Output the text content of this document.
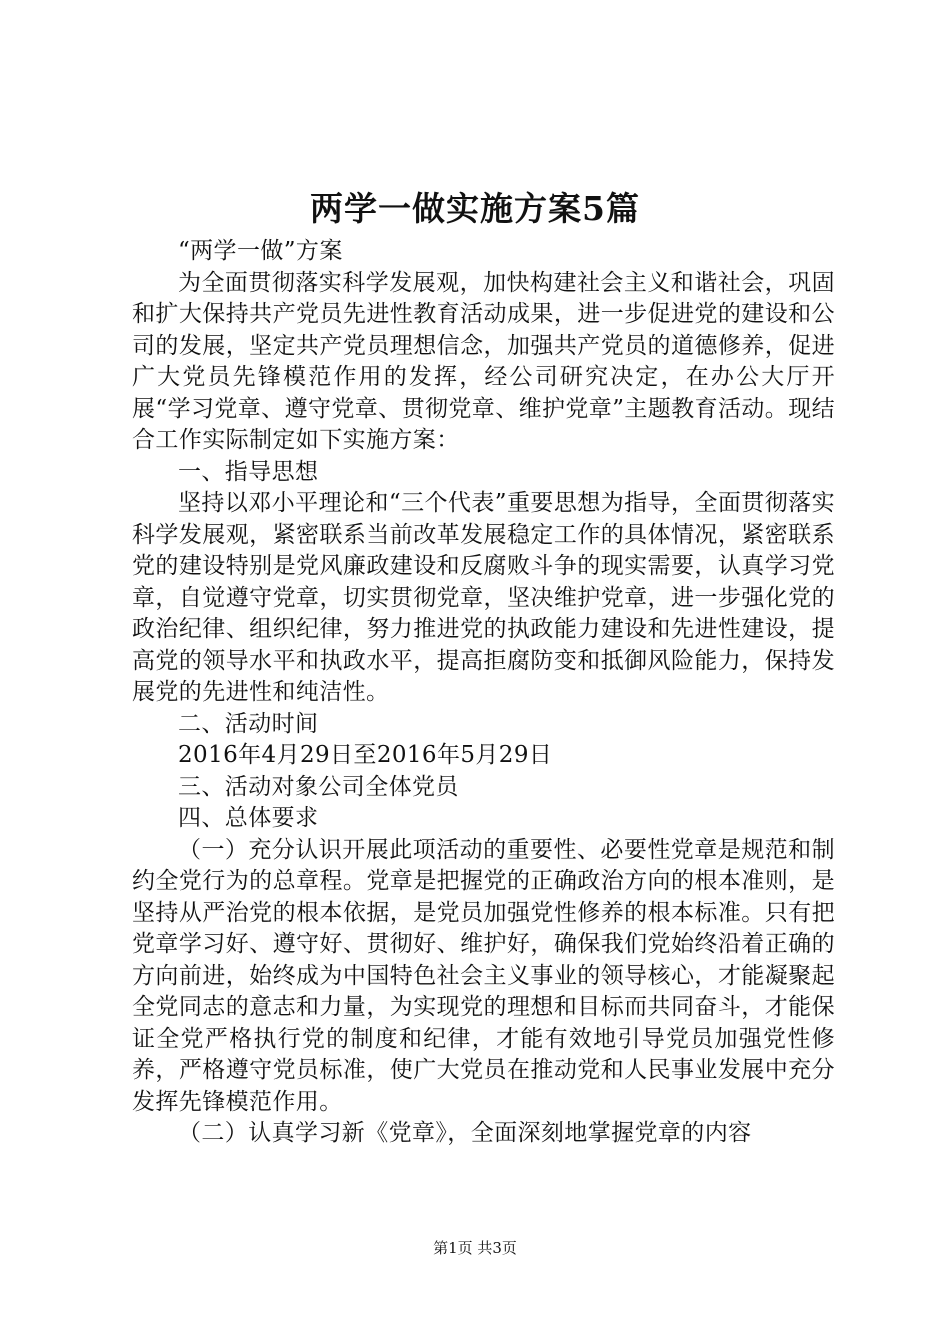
两学一做实施方案5篇

“两学一做”方案

为全面贯彻落实科学发展观，加快构建社会主义和谐社会，巩固和扩大保持共产党员先进性教育活动成果，进一步促进党的建设和公司的发展，坚定共产党员理想信念，加强共产党员的道德修养，促进广大党员先锋模范作用的发挥，经公司研究决定，在办公大厅开展“学习党章、遵守党章、贯彻党章、维护党章”主题教育活动。现结合工作实际制定如下实施方案：

一、指导思想

坚持以邓小平理论和“三个代表”重要思想为指导，全面贯彻落实科学发展观，紧密联系当前改革发展稳定工作的具体情况，紧密联系党的建设特别是党风廉政建设和反腐败斗争的现实需要，认真学习党章，自觉遵守党章，切实贯彻党章，坚决维护党章，进一步强化党的政治纪律、组织纪律，努力推进党的执政能力建设和先进性建设，提高党的领导水平和执政水平，提高拒腐防变和抵御风险能力，保持发展党的先进性和纯洁性。

二、活动时间

2016年4月29日至2016年5月29日

三、活动对象公司全体党员

四、总体要求

（一）充分认识开展此项活动的重要性、必要性党章是规范和制约全党行为的总章程。党章是把握党的正确政治方向的根本准则，是坚持从严治党的根本依据，是党员加强党性修养的根本标准。只有把党章学习好、遵守好、贯彻好、维护好，确保我们党始终沿着正确的方向前进，始终成为中国特色社会主义事业的领导核心，才能凝聚起全党同志的意志和力量，为实现党的理想和目标而共同奋斗，才能保证全党严格执行党的制度和纪律，才能有效地引导党员加强党性修养，严格遵守党员标准，使广大党员在推动党和人民事业发展中充分发挥先锋模范作用。

（二）认真学习新《党章》，全面深刻地掌握党章的内容

第1页 共3页
